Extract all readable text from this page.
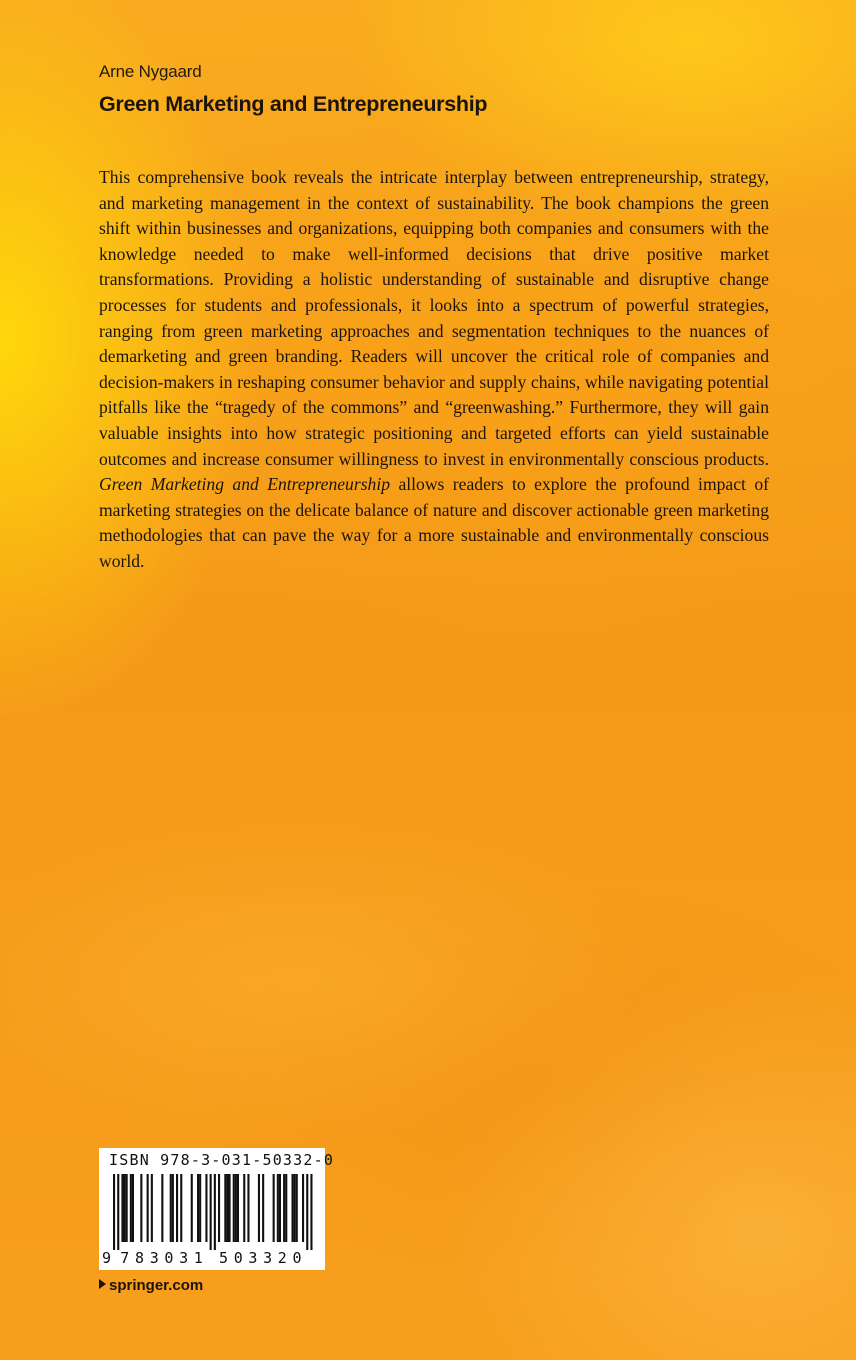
Arne Nygaard
Green Marketing and Entrepreneurship
This comprehensive book reveals the intricate interplay between entrepreneurship, strategy, and marketing management in the context of sustainability. The book champions the green shift within businesses and organizations, equipping both companies and consumers with the knowledge needed to make well-informed decisions that drive positive market transformations. Providing a holistic understanding of sustainable and disruptive change processes for students and professionals, it looks into a spectrum of powerful strategies, ranging from green marketing approaches and segmentation techniques to the nuances of demarketing and green branding. Readers will uncover the critical role of companies and decision-makers in reshaping consumer behavior and supply chains, while navigating potential pitfalls like the “tragedy of the commons” and “greenwashing.” Furthermore, they will gain valuable insights into how strategic positioning and targeted efforts can yield sustainable outcomes and increase consumer willingness to invest in environmentally conscious products. Green Marketing and Entrepreneurship allows readers to explore the profound impact of marketing strategies on the delicate balance of nature and discover actionable green marketing methodologies that can pave the way for a more sustainable and environmentally conscious world.
ISBN 978-3-031-50332-0
9 7 8 3 0 3 1 5 0 3 3 2 0
springer.com
